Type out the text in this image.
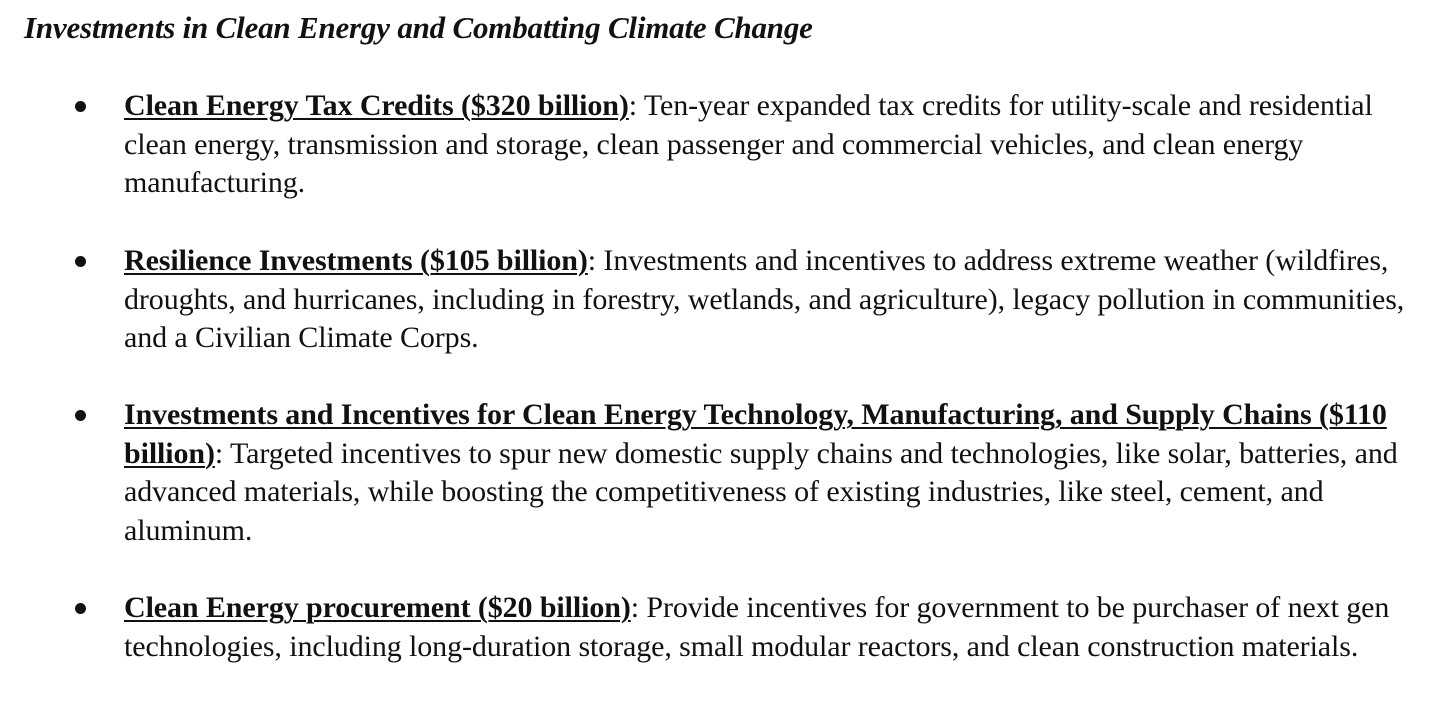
Investments in Clean Energy and Combatting Climate Change
Clean Energy Tax Credits ($320 billion): Ten-year expanded tax credits for utility-scale and residential clean energy, transmission and storage, clean passenger and commercial vehicles, and clean energy manufacturing.
Resilience Investments ($105 billion): Investments and incentives to address extreme weather (wildfires, droughts, and hurricanes, including in forestry, wetlands, and agriculture), legacy pollution in communities, and a Civilian Climate Corps.
Investments and Incentives for Clean Energy Technology, Manufacturing, and Supply Chains ($110 billion): Targeted incentives to spur new domestic supply chains and technologies, like solar, batteries, and advanced materials, while boosting the competitiveness of existing industries, like steel, cement, and aluminum.
Clean Energy procurement ($20 billion): Provide incentives for government to be purchaser of next gen technologies, including long-duration storage, small modular reactors, and clean construction materials.
